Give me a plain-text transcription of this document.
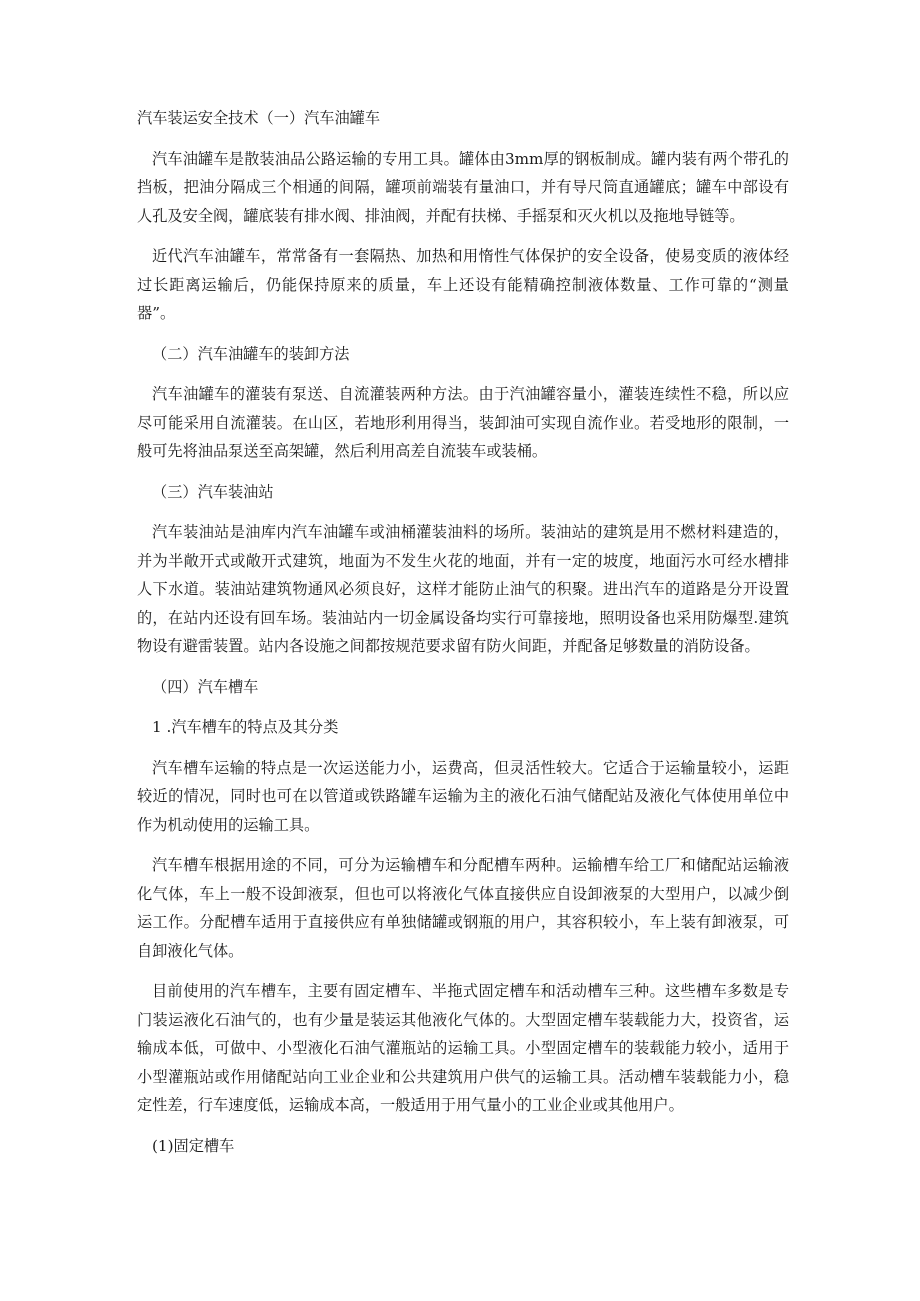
汽车装运安全技术（一）汽车油罐车

汽车油罐车是散装油品公路运输的专用工具。罐体由3mm厚的钢板制成。罐内装有两个带孔的挡板，把油分隔成三个相通的间隔，罐项前端装有量油口，并有导尺筒直通罐底；罐车中部设有人孔及安全阀，罐底装有排水阀、排油阀，并配有扶梯、手摇泵和灭火机以及拖地导链等。

近代汽车油罐车，常常备有一套隔热、加热和用惰性气体保护的安全设备，使易变质的液体经过长距离运输后，仍能保持原来的质量，车上还设有能精确控制液体数量、工作可靠的“测量器”。

（二）汽车油罐车的装卸方法

汽车油罐车的灌装有泵送、自流灌装两种方法。由于汽油罐容量小，灌装连续性不稳，所以应尽可能采用自流灌装。在山区，若地形利用得当，装卸油可实现自流作业。若受地形的限制，一般可先将油品泵送至高架罐，然后利用高差自流装车或装桶。

（三）汽车装油站

汽车装油站是油库内汽车油罐车或油桶灌装油料的场所。装油站的建筑是用不燃材料建造的，并为半敞开式或敞开式建筑，地面为不发生火花的地面，并有一定的坡度，地面污水可经水槽排人下水道。装油站建筑物通风必须良好，这样才能防止油气的积聚。进出汽车的道路是分开设置的，在站内还设有回车场。装油站内一切金属设备均实行可靠接地，照明设备也采用防爆型.建筑物设有避雷装置。站内各设施之间都按规范要求留有防火间距，并配备足够数量的消防设备。

（四）汽车槽车

1 .汽车槽车的特点及其分类

汽车槽车运输的特点是一次运送能力小，运费高，但灵活性较大。它适合于运输量较小，运距较近的情况，同时也可在以管道或铁路罐车运输为主的液化石油气储配站及液化气体使用单位中作为机动使用的运输工具。

汽车槽车根据用途的不同，可分为运输槽车和分配槽车两种。运输槽车给工厂和储配站运输液化气体，车上一般不设卸液泵，但也可以将液化气体直接供应自设卸液泵的大型用户，以减少倒运工作。分配槽车适用于直接供应有单独储罐或钢瓶的用户，其容积较小，车上装有卸液泵，可自卸液化气体。

目前使用的汽车槽车，主要有固定槽车、半拖式固定槽车和活动槽车三种。这些槽车多数是专门装运液化石油气的，也有少量是装运其他液化气体的。大型固定槽车装载能力大，投资省，运输成本低，可做中、小型液化石油气灌瓶站的运输工具。小型固定槽车的装载能力较小，适用于小型灌瓶站或作用储配站向工业企业和公共建筑用户供气的运输工具。活动槽车装载能力小，稳定性差，行车速度低，运输成本高，一般适用于用气量小的工业企业或其他用户。

(1)固定槽车
